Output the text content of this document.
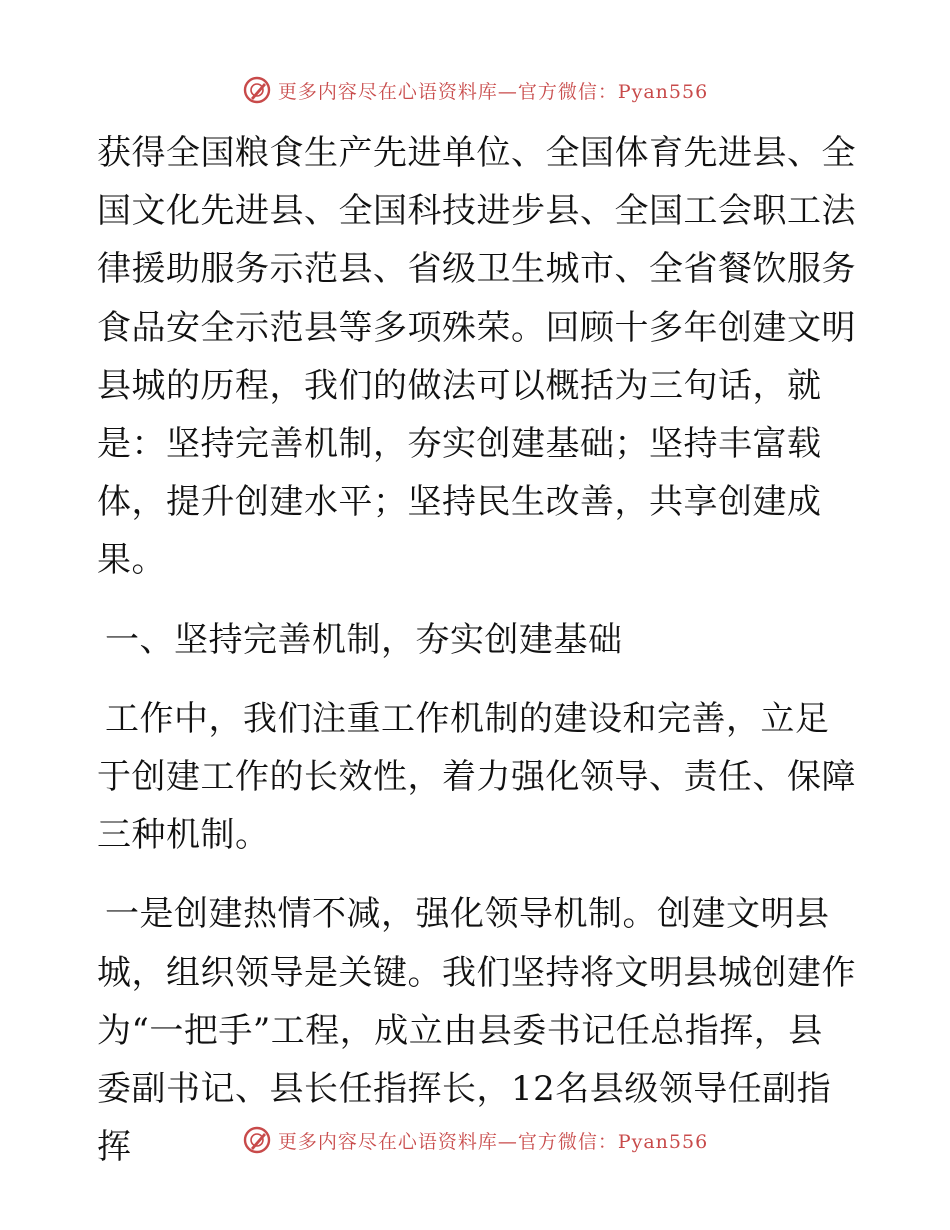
更多内容尽在心语资料库—官方微信：Pyan556

获得全国粮食生产先进单位、全国体育先进县、全国文化先进县、全国科技进步县、全国工会职工法律援助服务示范县、省级卫生城市、全省餐饮服务食品安全示范县等多项殊荣。回顾十多年创建文明县城的历程，我们的做法可以概括为三句话，就是：坚持完善机制，夯实创建基础；坚持丰富载体，提升创建水平；坚持民生改善，共享创建成果。

一、坚持完善机制，夯实创建基础

工作中，我们注重工作机制的建设和完善，立足于创建工作的长效性，着力强化领导、责任、保障三种机制。

一是创建热情不减，强化领导机制。创建文明县城，组织领导是关键。我们坚持将文明县城创建作为“一把手”工程，成立由县委书记任总指挥，县委副书记、县长任指挥长，12名县级领导任副指挥	更多内容尽在心语资料库—官方微信：Pyan556
